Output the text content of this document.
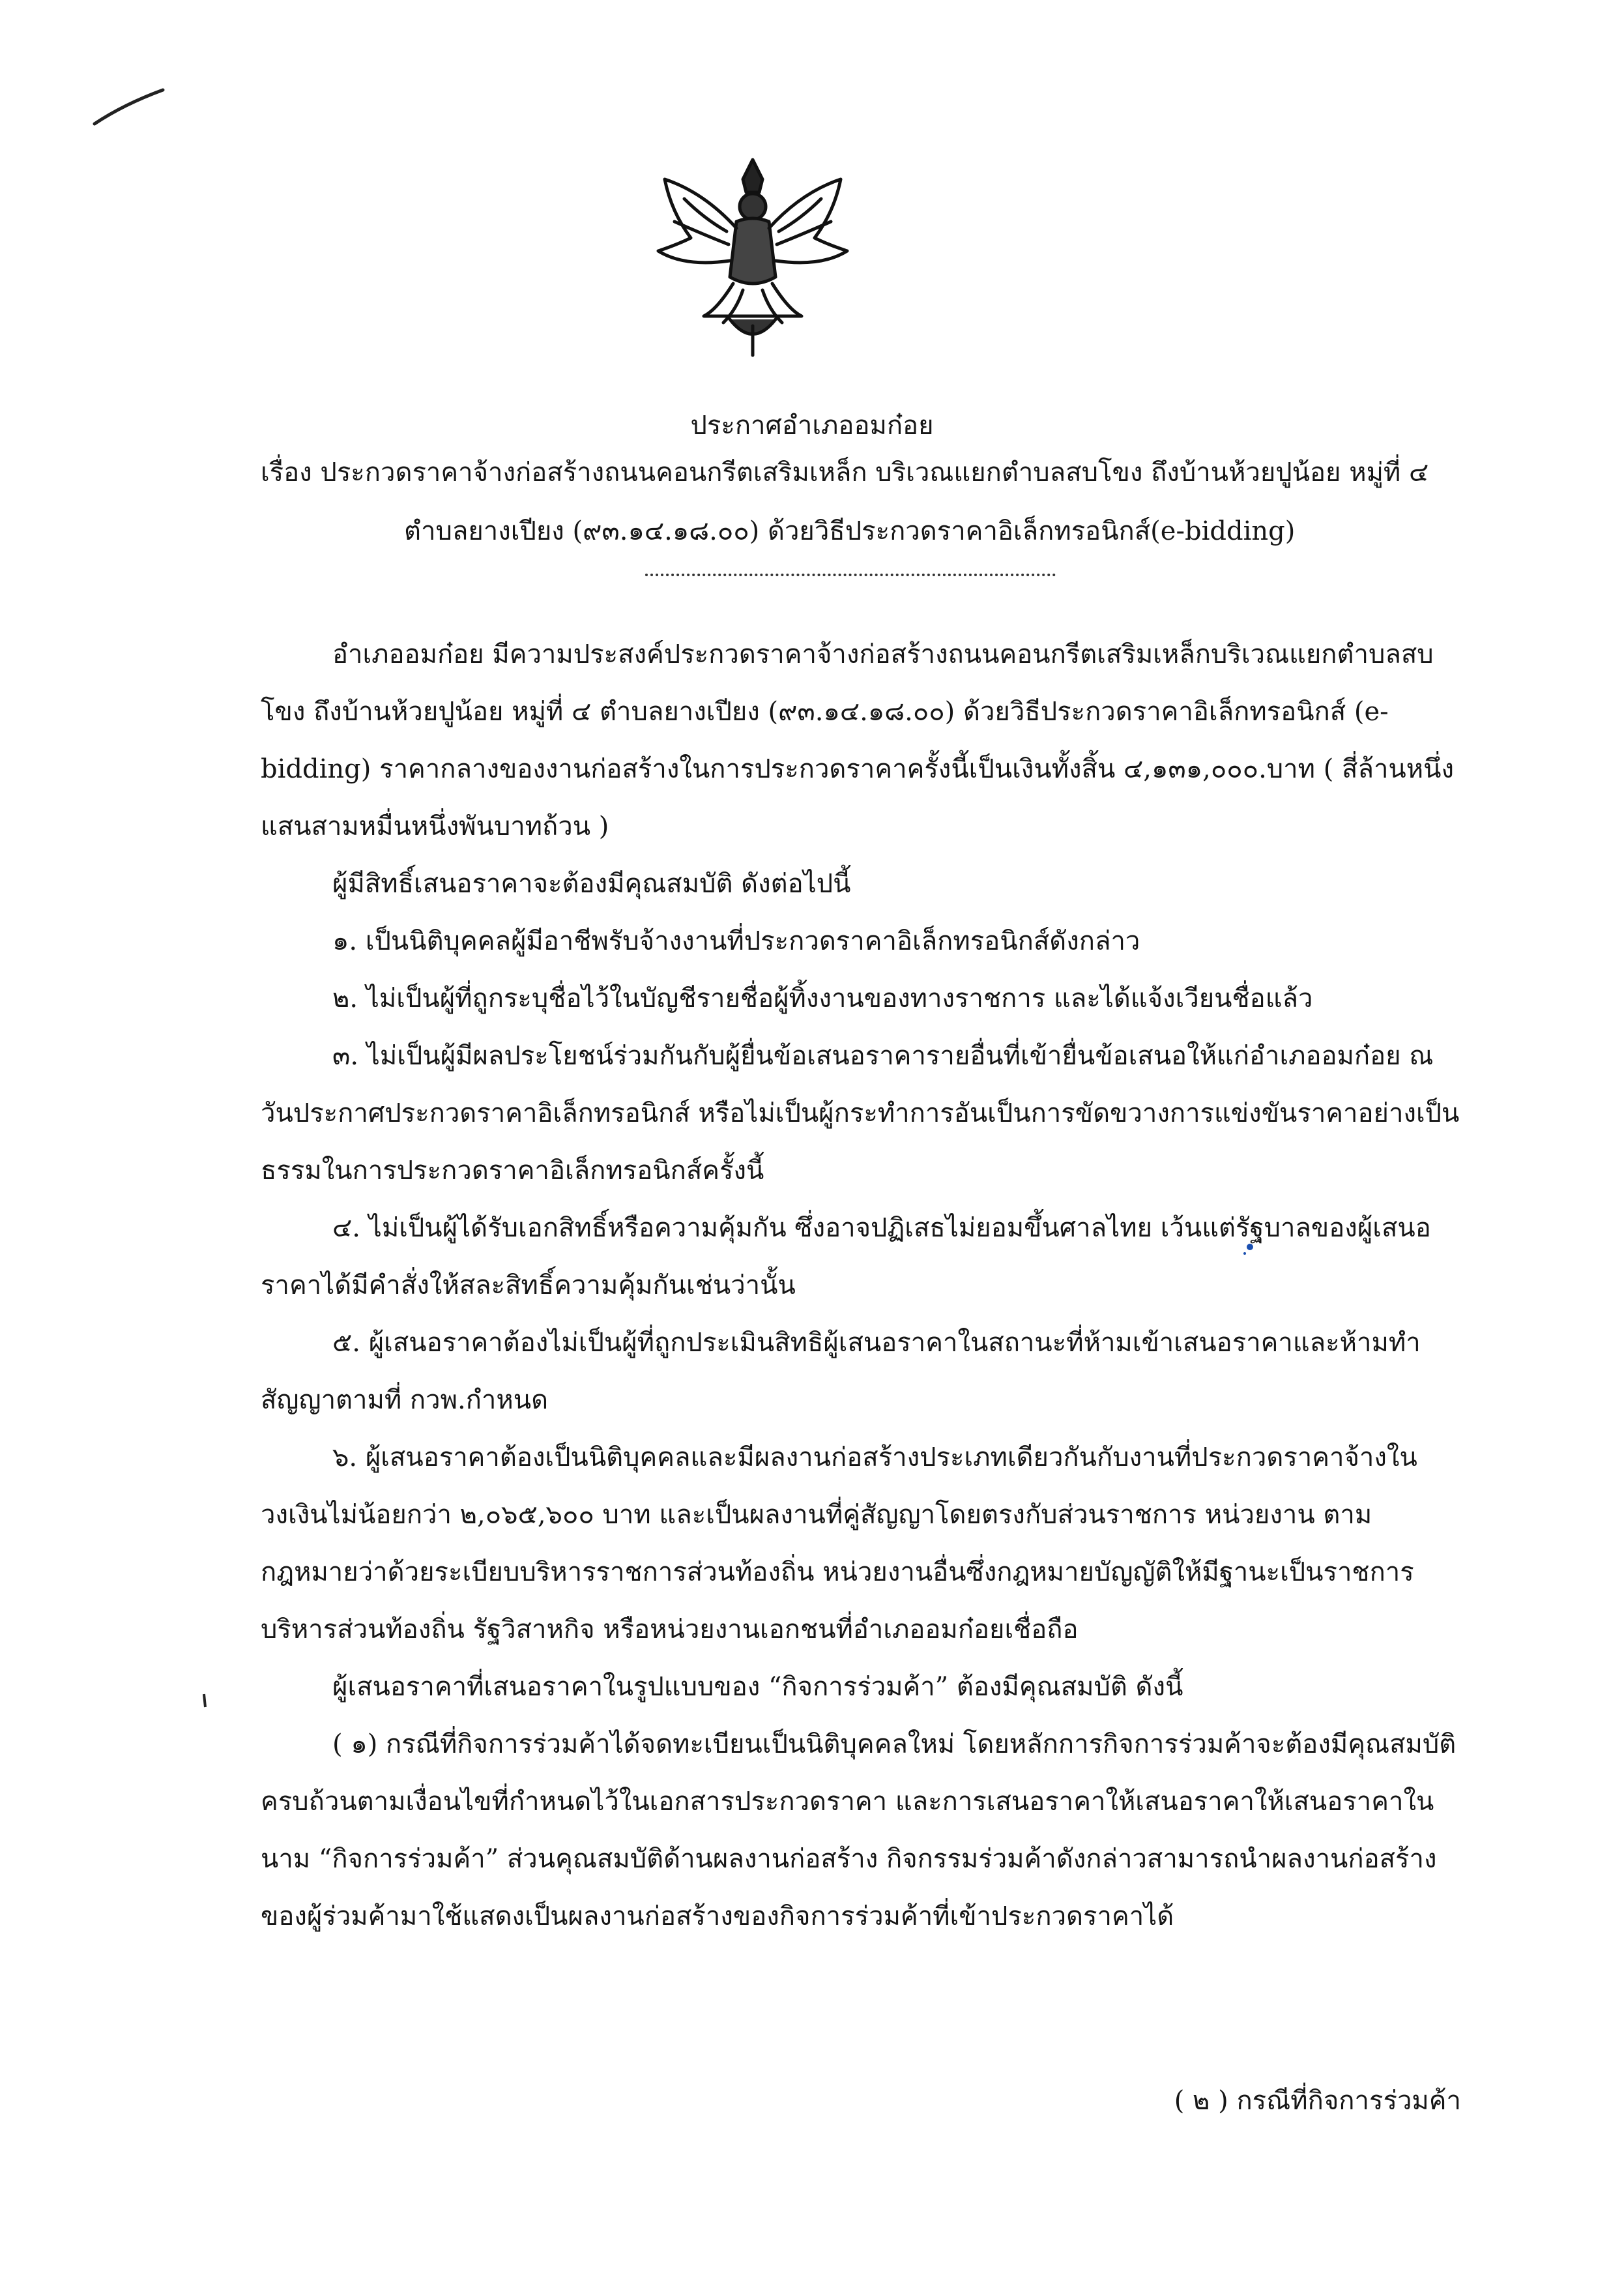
ประกาศอำเภออมก๋อย
เรื่อง ประกวดราคาจ้างก่อสร้างถนนคอนกรีตเสริมเหล็ก บริเวณแยกตำบลสบโขง ถึงบ้านห้วยปูน้อย หมู่ที่ ๔
ตำบลยางเปียง (๙๓.๑๔.๑๘.๐๐) ด้วยวิธีประกวดราคาอิเล็กทรอนิกส์(e-bidding)

อำเภออมก๋อย มีความประสงค์ประกวดราคาจ้างก่อสร้างถนนคอนกรีตเสริมเหล็กบริเวณแยกตำบลสบโขง ถึงบ้านห้วยปูน้อย หมู่ที่ ๔ ตำบลยางเปียง (๙๓.๑๔.๑๘.๐๐) ด้วยวิธีประกวดราคาอิเล็กทรอนิกส์ (e-bidding) ราคากลางของงานก่อสร้างในการประกวดราคาครั้งนี้เป็นเงินทั้งสิ้น ๔,๑๓๑,๐๐๐.บาท ( สี่ล้านหนึ่งแสนสามหมื่นหนึ่งพันบาทถ้วน )

ผู้มีสิทธิ์เสนอราคาจะต้องมีคุณสมบัติ ดังต่อไปนี้

๑. เป็นนิติบุคคลผู้มีอาชีพรับจ้างงานที่ประกวดราคาอิเล็กทรอนิกส์ดังกล่าว

๒. ไม่เป็นผู้ที่ถูกระบุชื่อไว้ในบัญชีรายชื่อผู้ทิ้งงานของทางราชการ และได้แจ้งเวียนชื่อแล้ว

๓. ไม่เป็นผู้มีผลประโยชน์ร่วมกันกับผู้ยื่นข้อเสนอราคารายอื่นที่เข้ายื่นข้อเสนอให้แก่อำเภออมก๋อย ณ วันประกาศประกวดราคาอิเล็กทรอนิกส์ หรือไม่เป็นผู้กระทำการอันเป็นการขัดขวางการแข่งขันราคาอย่างเป็นธรรมในการประกวดราคาอิเล็กทรอนิกส์ครั้งนี้

๔. ไม่เป็นผู้ได้รับเอกสิทธิ์หรือความคุ้มกัน ซึ่งอาจปฏิเสธไม่ยอมขึ้นศาลไทย เว้นแต่รัฐบาลของผู้เสนอราคาได้มีคำสั่งให้สละสิทธิ์ความคุ้มกันเช่นว่านั้น

๕. ผู้เสนอราคาต้องไม่เป็นผู้ที่ถูกประเมินสิทธิผู้เสนอราคาในสถานะที่ห้ามเข้าเสนอราคาและห้ามทำสัญญาตามที่ กวพ.กำหนด

๖. ผู้เสนอราคาต้องเป็นนิติบุคคลและมีผลงานก่อสร้างประเภทเดียวกันกับงานที่ประกวดราคาจ้างในวงเงินไม่น้อยกว่า ๒,๐๖๕,๖๐๐ บาท และเป็นผลงานที่คู่สัญญาโดยตรงกับส่วนราชการ หน่วยงาน ตามกฎหมายว่าด้วยระเบียบบริหารราชการส่วนท้องถิ่น หน่วยงานอื่นซึ่งกฎหมายบัญญัติให้มีฐานะเป็นราชการบริหารส่วนท้องถิ่น รัฐวิสาหกิจ หรือหน่วยงานเอกชนที่อำเภออมก๋อยเชื่อถือ

ผู้เสนอราคาที่เสนอราคาในรูปแบบของ “กิจการร่วมค้า” ต้องมีคุณสมบัติ ดังนี้

( ๑) กรณีที่กิจการร่วมค้าได้จดทะเบียนเป็นนิติบุคคลใหม่ โดยหลักการกิจการร่วมค้าจะต้องมีคุณสมบัติครบถ้วนตามเงื่อนไขที่กำหนดไว้ในเอกสารประกวดราคา และการเสนอราคาให้เสนอราคาให้เสนอราคาในนาม “กิจการร่วมค้า” ส่วนคุณสมบัติด้านผลงานก่อสร้าง กิจกรรมร่วมค้าดังกล่าวสามารถนำผลงานก่อสร้างของผู้ร่วมค้ามาใช้แสดงเป็นผลงานก่อสร้างของกิจการร่วมค้าที่เข้าประกวดราคาได้

( ๒ ) กรณีที่กิจการร่วมค้า
